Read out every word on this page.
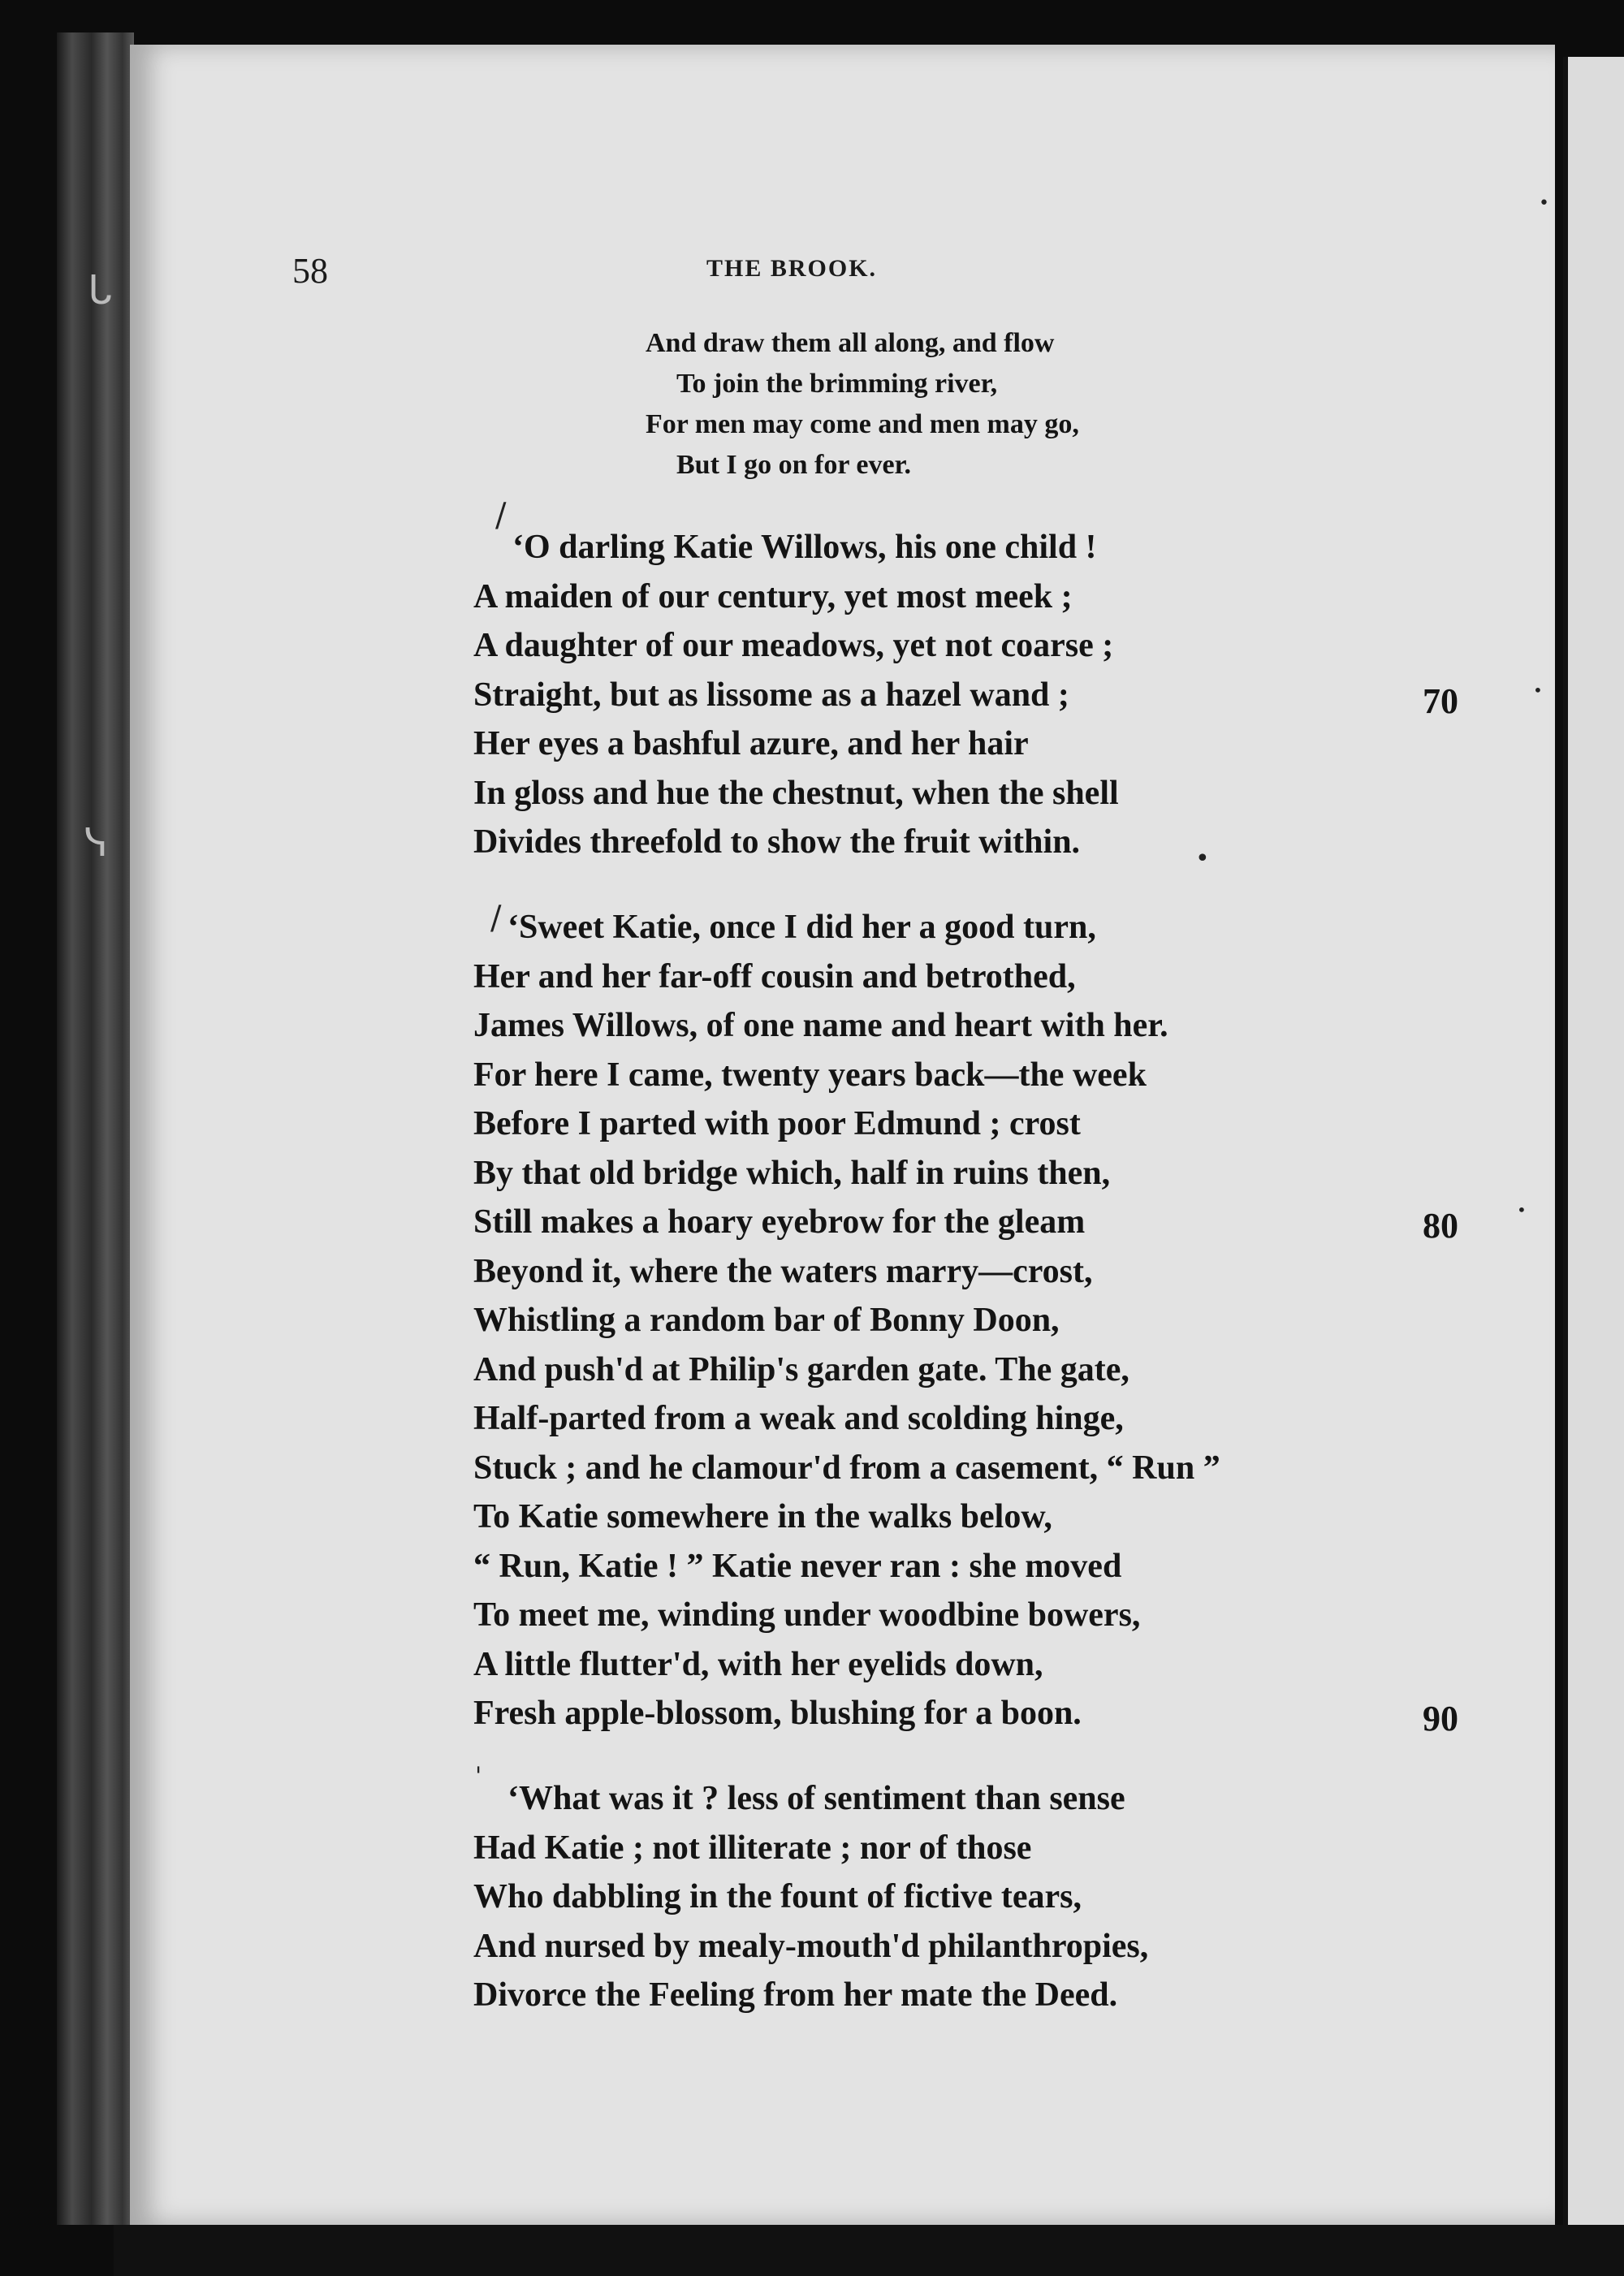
ᒐ
ᓭ
58	THE BROOK.
And draw them all along, and flow
To join the brimming river,
For men may come and men may go,
But I go on for ever.
/
‘O darling Katie Willows, his one child !
A maiden of our century, yet most meek ;
A daughter of our meadows, yet not coarse ;
Straight, but as lissome as a hazel wand ;
Her eyes a bashful azure, and her hair
In gloss and hue the chestnut, when the shell
Divides threefold to show the fruit within.	•
/ ‘Sweet Katie, once I did her a good turn,
Her and her far-off cousin and betrothed,
James Willows, of one name and heart with her.
For here I came, twenty years back—the week
Before I parted with poor Edmund ; crost
By that old bridge which, half in ruins then,
Still makes a hoary eyebrow for the gleam
Beyond it, where the waters marry—crost,
Whistling a random bar of Bonny Doon,
And push'd at Philip's garden gate. The gate,
Half-parted from a weak and scolding hinge,
Stuck ; and he clamour'd from a casement, “ Run ”
To Katie somewhere in the walks below,
“ Run, Katie ! ” Katie never ran : she moved
To meet me, winding under woodbine bowers,
A little flutter'd, with her eyelids down,
Fresh apple-blossom, blushing for a boon.
'
‘What was it ? less of sentiment than sense
Had Katie ; not illiterate ; nor of those
Who dabbling in the fount of fictive tears,
And nursed by mealy-mouth'd philanthropies,
Divorce the Feeling from her mate the Deed.
70
80
90
•
•
•
